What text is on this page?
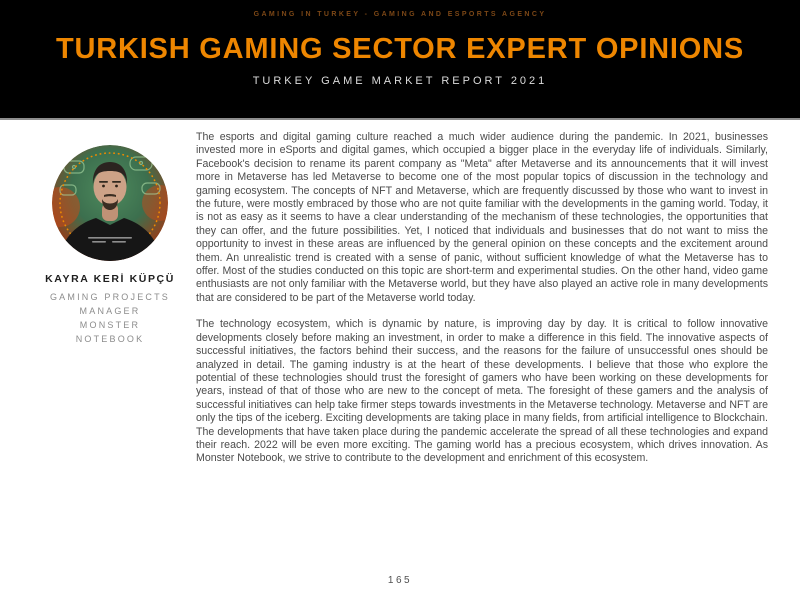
GAMING IN TURKEY - GAMING AND ESPORTS AGENCY
TURKISH GAMING SECTOR EXPERT OPINIONS
TURKEY GAME MARKET REPORT 2021
KAYRA KERİ KÜPÇÜ
GAMING PROJECTS
MANAGER
MONSTER
NOTEBOOK

The esports and digital gaming culture reached a much wider audience during the pandemic. In 2021, businesses invested more in eSports and digital games, which occupied a bigger place in the everyday life of individuals. Similarly, Facebook's decision to rename its parent company as "Meta" after Metaverse and its announcements that it will invest more in Metaverse has led Metaverse to become one of the most popular topics of discussion in the technology and gaming ecosystem. The concepts of NFT and Metaverse, which are frequently discussed by those who want to invest in the future, were mostly embraced by those who are not quite familiar with the developments in the gaming world. Today, it is not as easy as it seems to have a clear understanding of the mechanism of these technologies, the opportunities that they can offer, and the future possibilities. Yet, I noticed that individuals and businesses that do not want to miss the opportunity to invest in these areas are influenced by the general opinion on these concepts and the excitement around them. An unrealistic trend is created with a sense of panic, without sufficient knowledge of what the Metaverse has to offer. Most of the studies conducted on this topic are short-term and experimental studies. On the other hand, video game enthusiasts are not only familiar with the Metaverse world, but they have also played an active role in many developments that are considered to be part of the Metaverse world today.

The technology ecosystem, which is dynamic by nature, is improving day by day. It is critical to follow innovative developments closely before making an investment, in order to make a difference in this field. The innovative aspects of successful initiatives, the factors behind their success, and the reasons for the failure of unsuccessful ones should be analyzed in detail. The gaming industry is at the heart of these developments. I believe that those who explore the potential of these technologies should trust the foresight of gamers who have been working on these developments for years, instead of that of those who are new to the concept of meta. The foresight of these gamers and the analysis of successful initiatives can help take firmer steps towards investments in the Metaverse technology. Metaverse and NFT are only the tips of the iceberg. Exciting developments are taking place in many fields, from artificial intelligence to Blockchain. The developments that have taken place during the pandemic accelerate the spread of all these technologies and expand their reach. 2022 will be even more exciting. The gaming world has a precious ecosystem, which drives innovation. As Monster Notebook, we strive to contribute to the development and enrichment of this ecosystem.

165
